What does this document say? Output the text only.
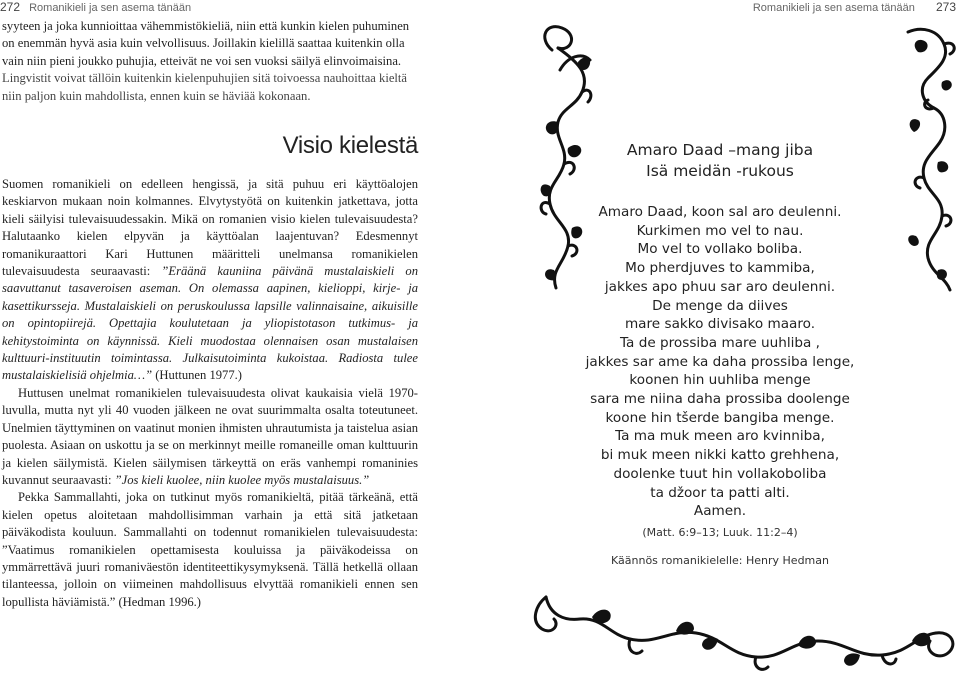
272 Romanikieli ja sen asema tänään

syyteen ja jokа kunnioittaa vähemmistökieliä, niin että kunkin kielen puhuminen

on enemmän hyvä asia kuin velvollisuus. Joillakin kielillä saattaa kuitenkin olla

vain niin pieni joukko puhujia, etteivät ne voi sen vuoksi säilyä elinvoimaisina.

Lingvistit voivat tällöin kuitenkin kielenpuhujien sitä toivoessa nauhoittaa kieltä

niin paljon kuin mahdollista, ennen kuin se häviää kokonaan.

Visio kielestä

Suomen romanikieli on edelleen hengissä, ja sitä puhuu eri käyttöalojen keskiarvon mukaan noin kolmannes. Elvytystyötä on kuitenkin jatkettava, jotta kieli säilyisi tulevaisuudessakin. Mikä on romanien visio kielen tulevaisuudesta? Halutaanko kielen elpyvän ja käyttöalan laajentuvan? Edesmennyt romanikuraattori Kari Huttunen määritteli unelmansa romanikielen tulevaisuudesta seuraavasti: ”Eräänä kauniina päivänä mustalaiskieli on saavuttanut tasaveroisen aseman. On olemassa aapinen, kielioppi, kirje- ja kasettikursseja. Mustalaiskieli on peruskoulussa lapsille valinnaisaine, aikuisille on opintopiirejä. Opettajia koulutetaan ja yliopistotason tutkimus- ja kehitystoiminta on käynnissä. Kieli muodostaa olennaisen osan mustalaisen kulttuuri-instituutin toimintassa. Julkaisutoiminta kukoistaa. Radiosta tulee mustalaiskielisiä ohjelmia…” (Huttunen 1977.)

Huttusen unelmat romanikielen tulevaisuudesta olivat kaukaisia vielä 1970-luvulla, mutta nyt yli 40 vuoden jälkeen ne ovat suurimmalta osalta toteutuneet. Unelmien täyttyminen on vaatinut monien ihmisten uhrautumista ja taistelua asian puolesta. Asiaan on uskottu ja se on merkinnyt meille romaneille oman kulttuurin ja kielen säilymistä. Kielen säilymisen tärkeyttä on eräs vanhempi romaninies kuvannut seuraavasti: ”Jos kieli kuolee, niin kuolee myös mustalaisuus.”

Pekka Sammallahti, joka on tutkinut myös romanikieltä, pitää tärkeänä, että kielen opetus aloitetaan mahdollisimman varhain ja että sitä jatketaan päiväkodista kouluun. Sammallahti on todennut romanikielen tulevaisuudesta: ”Vaatimus romanikielen opettamisesta kouluissa ja päiväkodeissa on ymmärrettävä juuri romaniväestön identiteettikysymyksenä. Tällä hetkellä ollaan tilanteessa, jolloin on viimeinen mahdollisuus elvyttää romanikieli ennen sen lopullista häviämistä.” (Hedman 1996.)

Romanikieli ja sen asema tänään 273
Amaro Daad –mang jiba
Isä meidän -rukous
Amaro Daad, koon sal aro deulenni.
Kurkimen mo vel to nau.
Mo vel to vollako boliba.
Mo pherdjuves to kammiba,
jakkes apo phuu sar aro deulenni.
De menge da diives
mare sakko divisako maaro.
Ta de prossiba mare uuhliba ,
jakkes sar ame ka daha prossiba lenge,
koonen hin uuhliba menge
sara me niina daha prossiba doolenge
koone hin tšerde bangiba menge.
Ta ma muk meen aro kvinniba,
bi muk meen nikki katto grehhena,
doolenke tuut hin vollakoboliba
ta džoor ta patti alti.
Aamen.
(Matt. 6:9–13; Luuk. 11:2–4)
Käännös romanikielelle: Henry Hedman
